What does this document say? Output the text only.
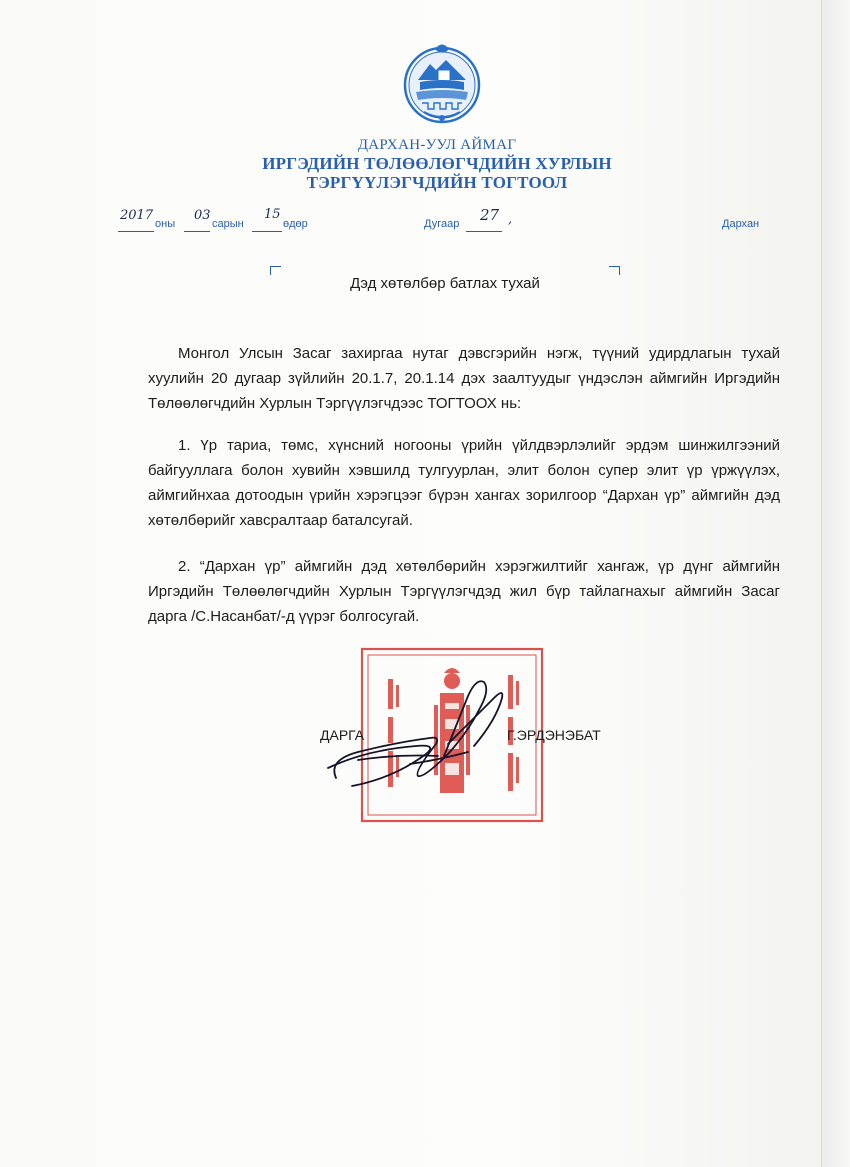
ДАРХАН-УУЛ АЙМАГ
ИРГЭДИЙН ТӨЛӨӨЛӨГЧДИЙН ХУРЛЫН
ТЭРГҮҮЛЭГЧДИЙН ТОГТООЛ
2017
оны
03
сарын
15
өдөр	Дугаар 27 ,	Дархан
Дэд хөтөлбөр батлах тухай

Монгол Улсын Засаг захиргаа нутаг дэвсгэрийн нэгж, түүний удирдлагын тухай хуулийн 20 дугаар зүйлийн 20.1.7, 20.1.14 дэх заалтуудыг үндэслэн аймгийн Иргэдийн Төлөөлөгчдийн Хурлын Тэргүүлэгчдээс ТОГТООХ нь:

1. Үр тариа, төмс, хүнсний ногооны үрийн үйлдвэрлэлийг эрдэм шинжилгээний байгууллага болон хувийн хэвшилд тулгуурлан, элит болон супер элит үр үржүүлэх, аймгийнхаа дотоодын үрийн хэрэгцээг бүрэн хангах зорилгоор “Дархан үр” аймгийн дэд хөтөлбөрийг хавсралтаар баталсугай.

2. “Дархан үр” аймгийн дэд хөтөлбөрийн хэрэгжилтийг хангаж, үр дүнг аймгийн Иргэдийн Төлөөлөгчдийн Хурлын Тэргүүлэгчдэд жил бүр тайлагнахыг аймгийн Засаг дарга /С.Насанбат/-д үүрэг болгосугай.

ДАРГА	Г.ЭРДЭНЭБАТ
